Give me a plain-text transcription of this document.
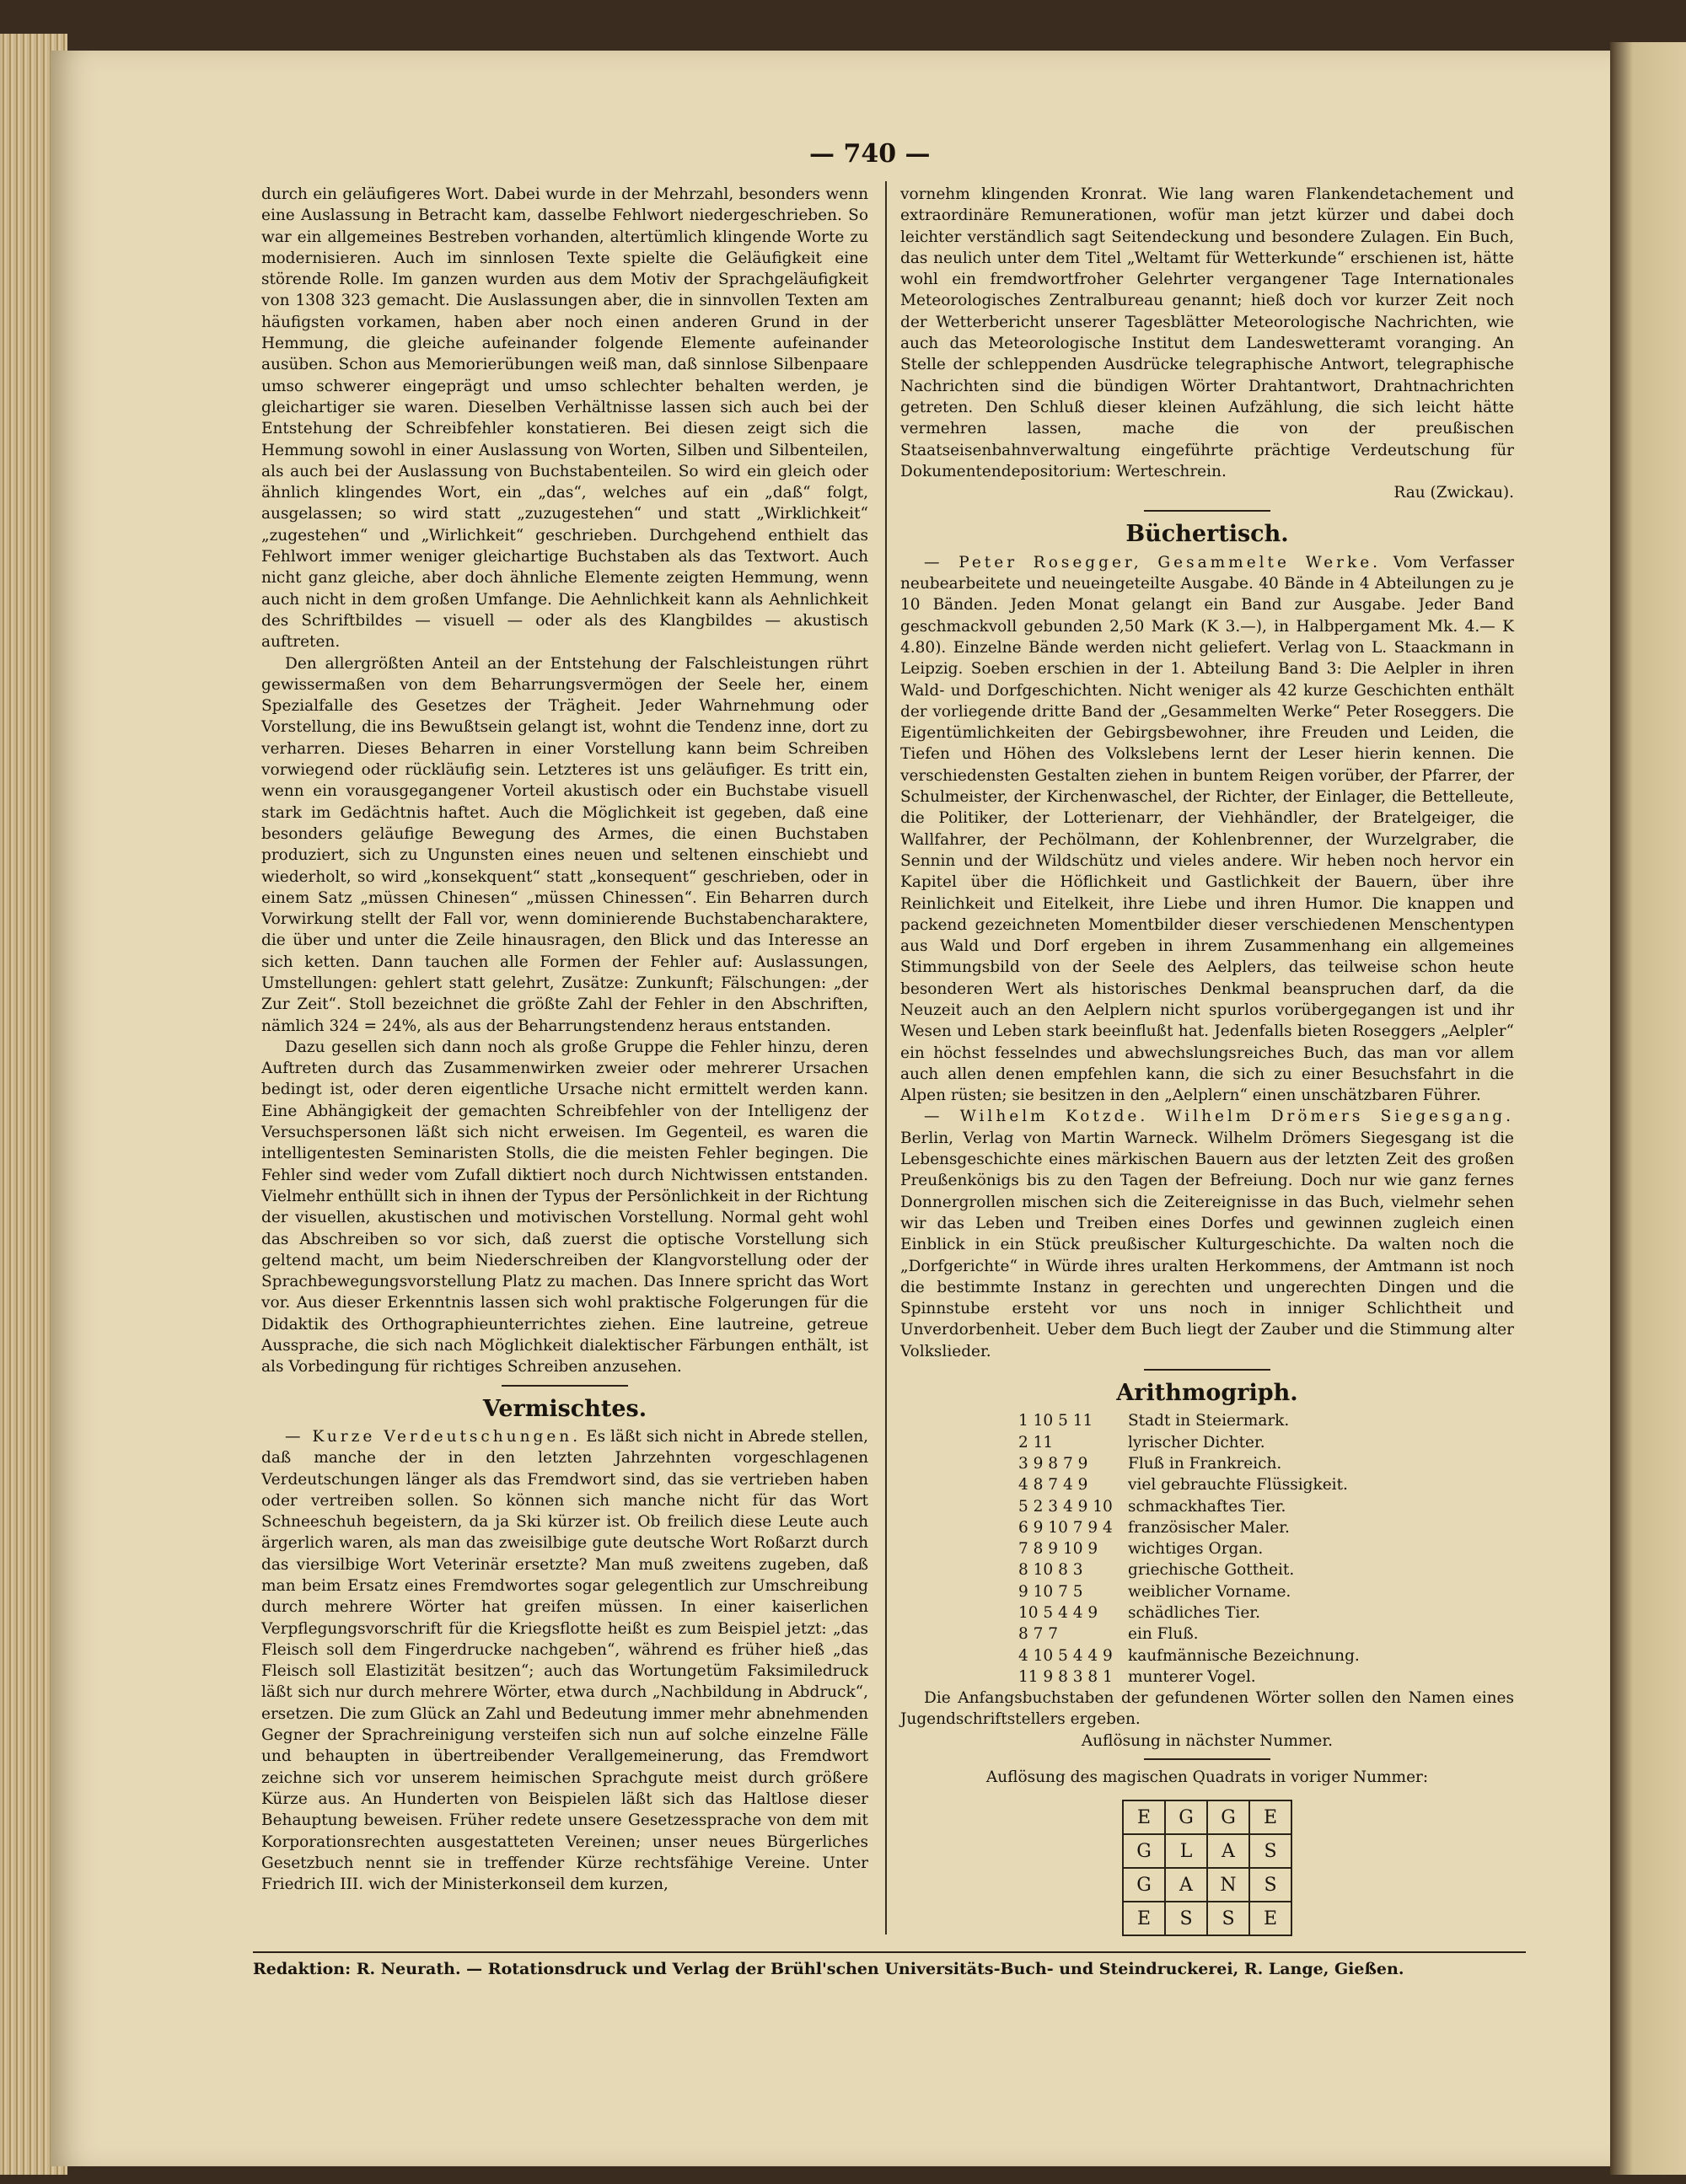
— 740 —

durch ein geläufigeres Wort. Dabei wurde in der Mehrzahl, besonders wenn eine Auslassung in Betracht kam, dasselbe Fehlwort niedergeschrieben. So war ein allgemeines Bestreben vorhanden, altertümlich klingende Worte zu modernisieren. Auch im sinnlosen Texte spielte die Geläufigkeit eine störende Rolle. Im ganzen wurden aus dem Motiv der Sprachgeläufigkeit von 1308 323 gemacht. Die Auslassungen aber, die in sinnvollen Texten am häufigsten vorkamen, haben aber noch einen anderen Grund in der Hemmung, die gleiche aufeinander folgende Elemente aufeinander ausüben. Schon aus Memorierübungen weiß man, daß sinnlose Silbenpaare umso schwerer eingeprägt und umso schlechter behalten werden, je gleichartiger sie waren. Dieselben Verhältnisse lassen sich auch bei der Entstehung der Schreibfehler konstatieren. Bei diesen zeigt sich die Hemmung sowohl in einer Auslassung von Worten, Silben und Silbenteilen, als auch bei der Auslassung von Buchstabenteilen. So wird ein gleich oder ähnlich klingendes Wort, ein „das“, welches auf ein „daß“ folgt, ausgelassen; so wird statt „zuzugestehen“ und statt „Wirklichkeit“ „zugestehen“ und „Wirlichkeit“ geschrieben. Durchgehend enthielt das Fehlwort immer weniger gleichartige Buchstaben als das Textwort. Auch nicht ganz gleiche, aber doch ähnliche Elemente zeigten Hemmung, wenn auch nicht in dem großen Umfange. Die Aehnlichkeit kann als Aehnlichkeit des Schriftbildes — visuell — oder als des Klangbildes — akustisch auftreten.

Den allergrößten Anteil an der Entstehung der Falschleistungen rührt gewissermaßen von dem Beharrungsvermögen der Seele her, einem Spezialfalle des Gesetzes der Trägheit. Jeder Wahrnehmung oder Vorstellung, die ins Bewußtsein gelangt ist, wohnt die Tendenz inne, dort zu verharren. Dieses Beharren in einer Vorstellung kann beim Schreiben vorwiegend oder rückläufig sein. Letzteres ist uns geläufiger. Es tritt ein, wenn ein vorausgegangener Vorteil akustisch oder ein Buchstabe visuell stark im Gedächtnis haftet. Auch die Möglichkeit ist gegeben, daß eine besonders geläufige Bewegung des Armes, die einen Buchstaben produziert, sich zu Ungunsten eines neuen und seltenen einschiebt und wiederholt, so wird „konsekquent“ statt „konsequent“ geschrieben, oder in einem Satz „müssen Chinesen“ „müssen Chinessen“. Ein Beharren durch Vorwirkung stellt der Fall vor, wenn dominierende Buchstabencharaktere, die über und unter die Zeile hinausragen, den Blick und das Interesse an sich ketten. Dann tauchen alle Formen der Fehler auf: Auslassungen, Umstellungen: gehlert statt gelehrt, Zusätze: Zunkunft; Fälschungen: „der Zur Zeit“. Stoll bezeichnet die größte Zahl der Fehler in den Abschriften, nämlich 324 = 24%, als aus der Beharrungstendenz heraus entstanden.

Dazu gesellen sich dann noch als große Gruppe die Fehler hinzu, deren Auftreten durch das Zusammenwirken zweier oder mehrerer Ursachen bedingt ist, oder deren eigentliche Ursache nicht ermittelt werden kann. Eine Abhängigkeit der gemachten Schreibfehler von der Intelligenz der Versuchspersonen läßt sich nicht erweisen. Im Gegenteil, es waren die intelligentesten Seminaristen Stolls, die die meisten Fehler begingen. Die Fehler sind weder vom Zufall diktiert noch durch Nichtwissen entstanden. Vielmehr enthüllt sich in ihnen der Typus der Persönlichkeit in der Richtung der visuellen, akustischen und motivischen Vorstellung. Normal geht wohl das Abschreiben so vor sich, daß zuerst die optische Vorstellung sich geltend macht, um beim Niederschreiben der Klangvorstellung oder der Sprachbewegungsvorstellung Platz zu machen. Das Innere spricht das Wort vor. Aus dieser Erkenntnis lassen sich wohl praktische Folgerungen für die Didaktik des Orthographieunterrichtes ziehen. Eine lautreine, getreue Aussprache, die sich nach Möglichkeit dialektischer Färbungen enthält, ist als Vorbedingung für richtiges Schreiben anzusehen.

Vermischtes.

— Kurze Verdeutschungen. Es läßt sich nicht in Abrede stellen, daß manche der in den letzten Jahrzehnten vorgeschlagenen Verdeutschungen länger als das Fremdwort sind, das sie vertrieben haben oder vertreiben sollen. So können sich manche nicht für das Wort Schneeschuh begeistern, da ja Ski kürzer ist. Ob freilich diese Leute auch ärgerlich waren, als man das zweisilbige gute deutsche Wort Roßarzt durch das viersilbige Wort Veterinär ersetzte? Man muß zweitens zugeben, daß man beim Ersatz eines Fremdwortes sogar gelegentlich zur Umschreibung durch mehrere Wörter hat greifen müssen. In einer kaiserlichen Verpflegungsvorschrift für die Kriegsflotte heißt es zum Beispiel jetzt: „das Fleisch soll dem Fingerdrucke nachgeben“, während es früher hieß „das Fleisch soll Elastizität besitzen“; auch das Wortungetüm Faksimiledruck läßt sich nur durch mehrere Wörter, etwa durch „Nachbildung in Abdruck“, ersetzen. Die zum Glück an Zahl und Bedeutung immer mehr abnehmenden Gegner der Sprachreinigung versteifen sich nun auf solche einzelne Fälle und behaupten in übertreibender Verallgemeinerung, das Fremdwort zeichne sich vor unserem heimischen Sprachgute meist durch größere Kürze aus. An Hunderten von Beispielen läßt sich das Haltlose dieser Behauptung beweisen. Früher redete unsere Gesetzessprache von dem mit Korporationsrechten ausgestatteten Vereinen; unser neues Bürgerliches Gesetzbuch nennt sie in treffender Kürze rechtsfähige Vereine. Unter Friedrich III. wich der Ministerkonseil dem kurzen,

vornehm klingenden Kronrat. Wie lang waren Flankendetachement und extraordinäre Remunerationen, wofür man jetzt kürzer und dabei doch leichter verständlich sagt Seitendeckung und besondere Zulagen. Ein Buch, das neulich unter dem Titel „Weltamt für Wetterkunde“ erschienen ist, hätte wohl ein fremdwortfroher Gelehrter vergangener Tage Internationales Meteorologisches Zentralbureau genannt; hieß doch vor kurzer Zeit noch der Wetterbericht unserer Tagesblätter Meteorologische Nachrichten, wie auch das Meteorologische Institut dem Landeswetteramt voranging. An Stelle der schleppenden Ausdrücke telegraphische Antwort, telegraphische Nachrichten sind die bündigen Wörter Drahtantwort, Drahtnachrichten getreten. Den Schluß dieser kleinen Aufzählung, die sich leicht hätte vermehren lassen, mache die von der preußischen Staatseisenbahnverwaltung eingeführte prächtige Verdeutschung für Dokumentendepositorium: Werteschrein.

Rau (Zwickau).
Büchertisch.

— Peter Rosegger, Gesammelte Werke. Vom Verfasser neubearbeitete und neueingeteilte Ausgabe. 40 Bände in 4 Abteilungen zu je 10 Bänden. Jeden Monat gelangt ein Band zur Ausgabe. Jeder Band geschmackvoll gebunden 2,50 Mark (K 3.—), in Halbpergament Mk. 4.— K 4.80). Einzelne Bände werden nicht geliefert. Verlag von L. Staackmann in Leipzig. Soeben erschien in der 1. Abteilung Band 3: Die Aelpler in ihren Wald- und Dorfgeschichten. Nicht weniger als 42 kurze Geschichten enthält der vorliegende dritte Band der „Gesammelten Werke“ Peter Roseggers. Die Eigentümlichkeiten der Gebirgsbewohner, ihre Freuden und Leiden, die Tiefen und Höhen des Volkslebens lernt der Leser hierin kennen. Die verschiedensten Gestalten ziehen in buntem Reigen vorüber, der Pfarrer, der Schulmeister, der Kirchenwaschel, der Richter, der Einlager, die Bettelleute, die Politiker, der Lotterienarr, der Viehhändler, der Bratelgeiger, die Wallfahrer, der Pechölmann, der Kohlenbrenner, der Wurzelgraber, die Sennin und der Wildschütz und vieles andere. Wir heben noch hervor ein Kapitel über die Höflichkeit und Gastlichkeit der Bauern, über ihre Reinlichkeit und Eitelkeit, ihre Liebe und ihren Humor. Die knappen und packend gezeichneten Momentbilder dieser verschiedenen Menschentypen aus Wald und Dorf ergeben in ihrem Zusammenhang ein allgemeines Stimmungsbild von der Seele des Aelplers, das teilweise schon heute besonderen Wert als historisches Denkmal beanspruchen darf, da die Neuzeit auch an den Aelplern nicht spurlos vorübergegangen ist und ihr Wesen und Leben stark beeinflußt hat. Jedenfalls bieten Roseggers „Aelpler“ ein höchst fesselndes und abwechslungsreiches Buch, das man vor allem auch allen denen empfehlen kann, die sich zu einer Besuchsfahrt in die Alpen rüsten; sie besitzen in den „Aelplern“ einen unschätzbaren Führer.

— Wilhelm Kotzde. Wilhelm Drömers Siegesgang. Berlin, Verlag von Martin Warneck. Wilhelm Drömers Siegesgang ist die Lebensgeschichte eines märkischen Bauern aus der letzten Zeit des großen Preußenkönigs bis zu den Tagen der Befreiung. Doch nur wie ganz fernes Donnergrollen mischen sich die Zeitereignisse in das Buch, vielmehr sehen wir das Leben und Treiben eines Dorfes und gewinnen zugleich einen Einblick in ein Stück preußischer Kulturgeschichte. Da walten noch die „Dorfgerichte“ in Würde ihres uralten Herkommens, der Amtmann ist noch die bestimmte Instanz in gerechten und ungerechten Dingen und die Spinnstube ersteht vor uns noch in inniger Schlichtheit und Unverdorbenheit. Ueber dem Buch liegt der Zauber und die Stimmung alter Volkslieder.

Arithmogriph.
1 10 5 11	Stadt in Steiermark.
2 11	lyrischer Dichter.
3 9 8 7 9	Fluß in Frankreich.
4 8 7 4 9	viel gebrauchte Flüssigkeit.
5 2 3 4 9 10 schmackhaftes Tier.
6 9 10 7 9 4 französischer Maler.
7 8 9 10 9	wichtiges Organ.
8 10 8 3	griechische Gottheit.
9 10 7 5	weiblicher Vorname.
10 5 4 4 9	schädliches Tier.
8 7 7	ein Fluß.
4 10 5 4 4 9 kaufmännische Bezeichnung.
11 9 8 3 8 1 munterer Vogel.

Die Anfangsbuchstaben der gefundenen Wörter sollen den Namen eines Jugendschriftstellers ergeben.

Auflösung in nächster Nummer.
Auflösung des magischen Quadrats in voriger Nummer:
E	G	G	E
G	L	A	S
G	A	N	S
E	S	S	E
Redaktion: R. Neurath. — Rotationsdruck und Verlag der Brühl'schen Universitäts-Buch- und Steindruckerei, R. Lange, Gießen.
